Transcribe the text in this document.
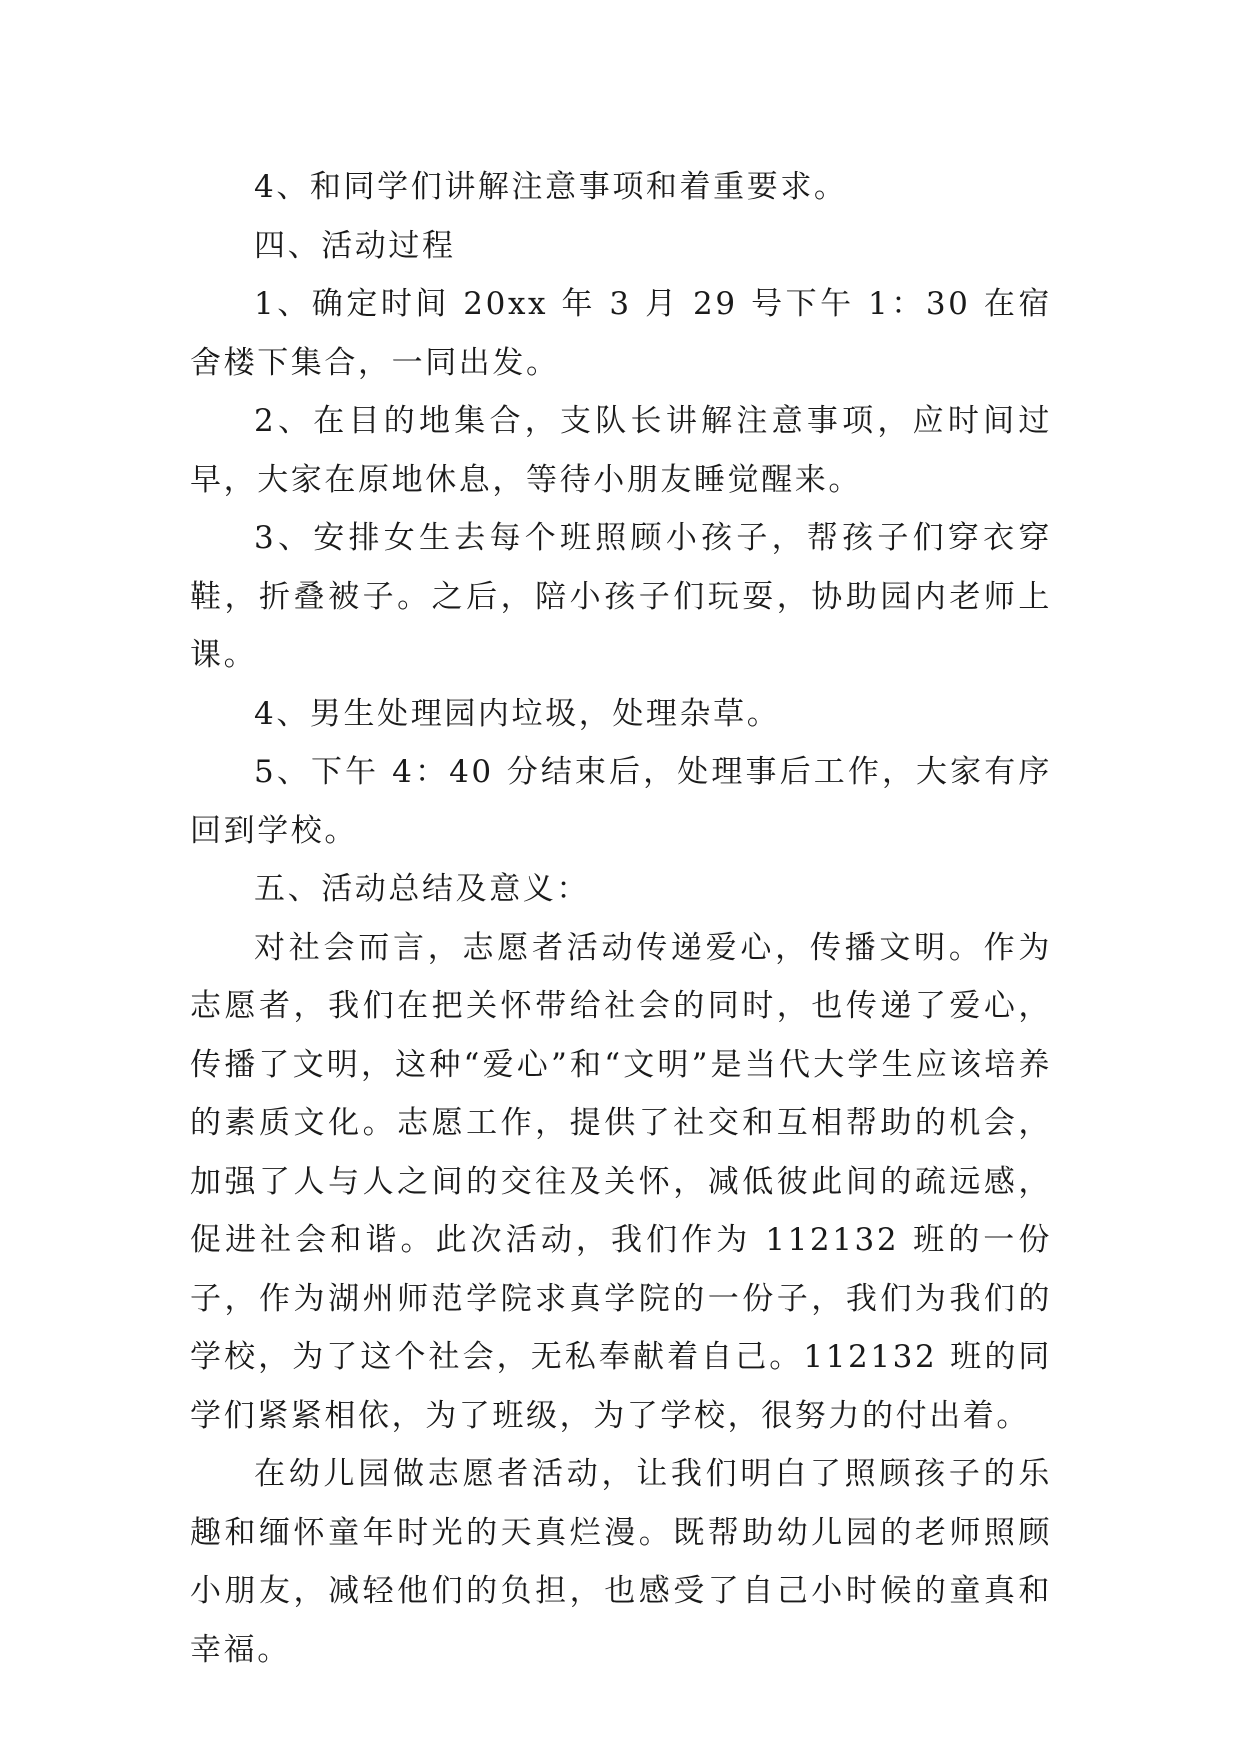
4、和同学们讲解注意事项和着重要求。

四、活动过程

1、确定时间 20xx 年 3 月 29 号下午 1：30 在宿舍楼下集合，一同出发。

2、在目的地集合，支队长讲解注意事项，应时间过早，大家在原地休息，等待小朋友睡觉醒来。

3、安排女生去每个班照顾小孩子，帮孩子们穿衣穿鞋，折叠被子。之后，陪小孩子们玩耍，协助园内老师上课。

4、男生处理园内垃圾，处理杂草。

5、下午 4：40 分结束后，处理事后工作，大家有序回到学校。

五、活动总结及意义：

对社会而言，志愿者活动传递爱心，传播文明。作为志愿者，我们在把关怀带给社会的同时，也传递了爱心，传播了文明，这种“爱心”和“文明”是当代大学生应该培养的素质文化。志愿工作，提供了社交和互相帮助的机会，加强了人与人之间的交往及关怀，减低彼此间的疏远感，促进社会和谐。此次活动，我们作为 112132 班的一份子，作为湖州师范学院求真学院的一份子，我们为我们的学校，为了这个社会，无私奉献着自己。112132 班的同学们紧紧相依，为了班级，为了学校，很努力的付出着。

在幼儿园做志愿者活动，让我们明白了照顾孩子的乐趣和缅怀童年时光的天真烂漫。既帮助幼儿园的老师照顾小朋友，减轻他们的负担，也感受了自己小时候的童真和幸福。
